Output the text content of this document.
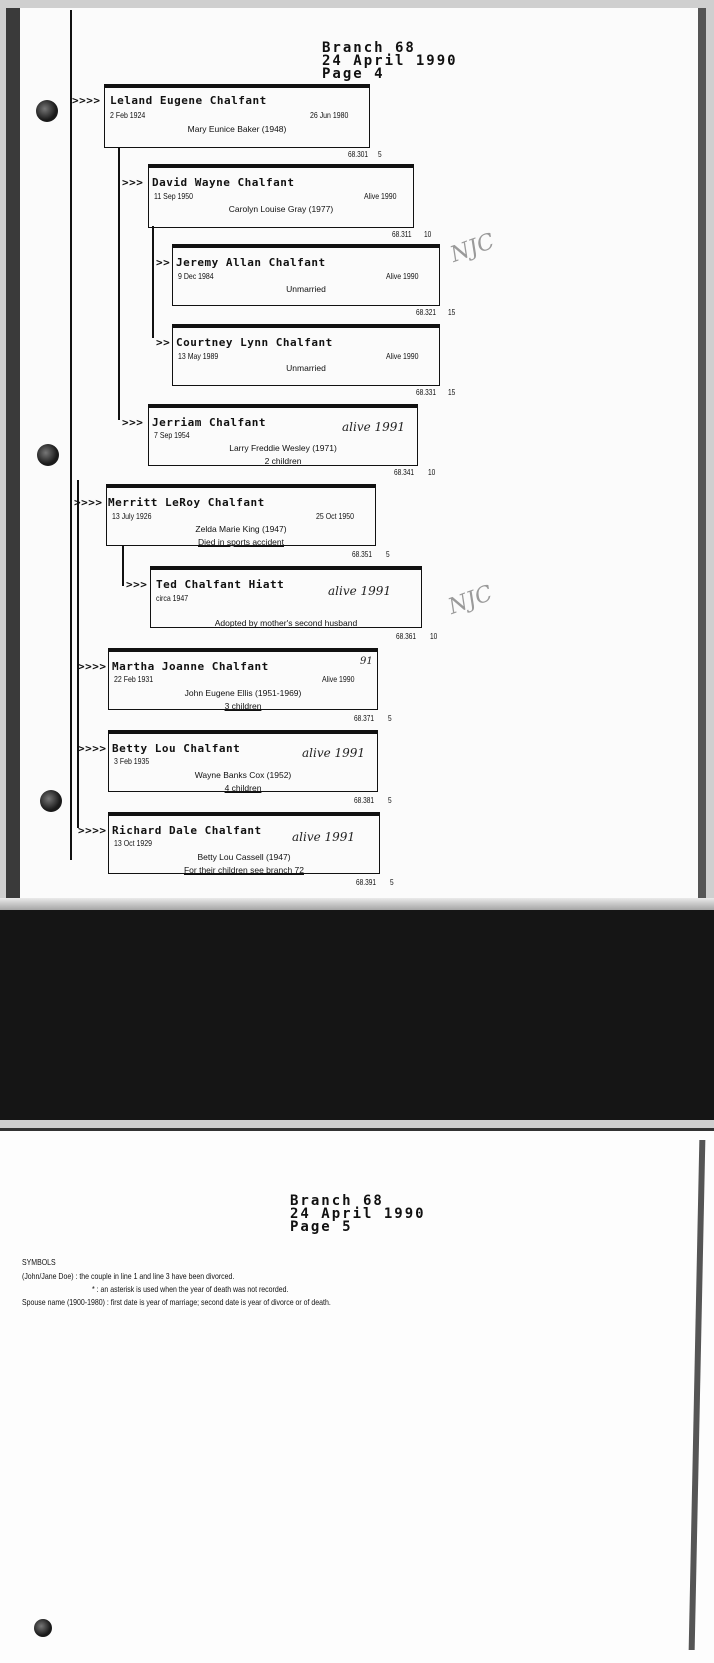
Branch 68
24 April 1990
Page 4
>>>> Leland Eugene Chalfant
2 Feb 1924	26 Jun 1980
Mary Eunice Baker (1948)
68.301 5
>>> David Wayne Chalfant
11 Sep 1950	Alive 1990
Carolyn Louise Gray (1977)
68.311 10
>> Jeremy Allan Chalfant
9 Dec 1984	Alive 1990
Unmarried
68.321 15
>> Courtney Lynn Chalfant
13 May 1989	Alive 1990
Unmarried
68.331 15
>>> Jerriam Chalfant
7 Sep 1954
Larry Freddie Wesley (1971)
2 children
68.341 10
alive 1991
>>>> Merritt LeRoy Chalfant
13 July 1926	25 Oct 1950
Zelda Marie King (1947)
Died in sports accident
68.351 5
>>> Ted Chalfant Hiatt
circa 1947
Adopted by mother's second husband
68.361 10
alive 1991
>>>> Martha Joanne Chalfant
22 Feb 1931	Alive 1990
John Eugene Ellis (1951-1969)
3 children
68.371 5
91
>>>> Betty Lou Chalfant
3 Feb 1935
Wayne Banks Cox (1952)
4 children
68.381 5
alive 1991
>>>> Richard Dale Chalfant
13 Oct 1929
Betty Lou Cassell (1947)
For their children see branch 72
68.391 5
alive 1991
NJC
NJC
Branch 68
24 April 1990
Page 5
SYMBOLS
(John/Jane Doe) : the couple in line 1 and line 3 have been divorced.
* : an asterisk is used when the year of death was not recorded.
Spouse name (1900-1980) : first date is year of marriage; second date is year of divorce or of death.
